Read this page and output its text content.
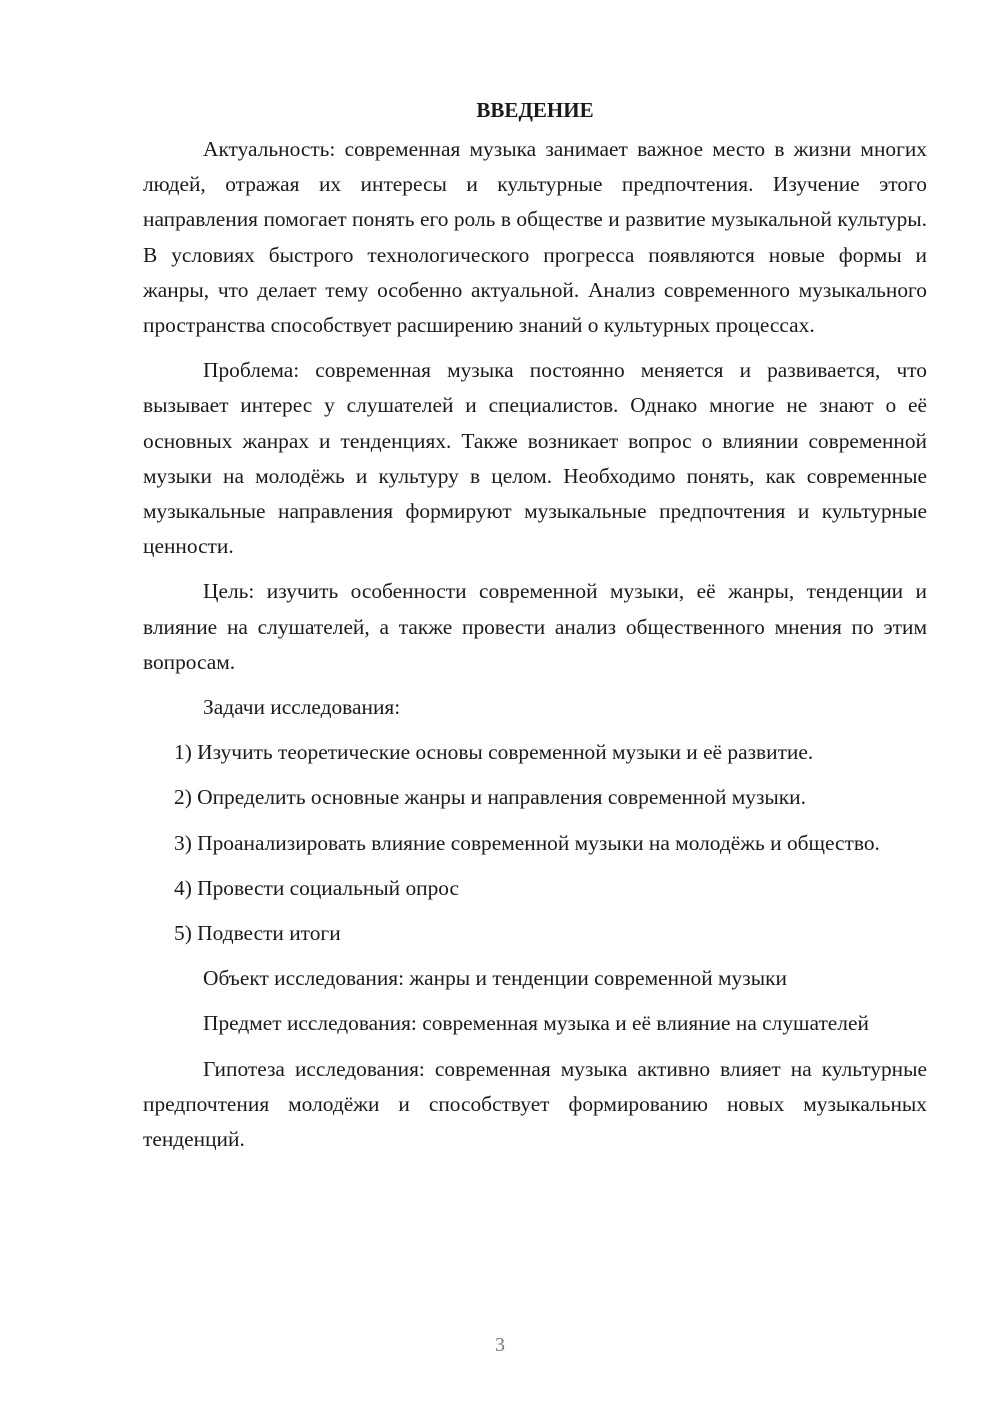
ВВЕДЕНИЕ

Актуальность: современная музыка занимает важное место в жизни многих людей, отражая их интересы и культурные предпочтения. Изучение этого направления помогает понять его роль в обществе и развитие музыкальной культуры. В условиях быстрого технологического прогресса появляются новые формы и жанры, что делает тему особенно актуальной. Анализ современного музыкального пространства способствует расширению знаний о культурных процессах.

Проблема: современная музыка постоянно меняется и развивается, что вызывает интерес у слушателей и специалистов. Однако многие не знают о её основных жанрах и тенденциях. Также возникает вопрос о влиянии современной музыки на молодёжь и культуру в целом. Необходимо понять, как современные музыкальные направления формируют музыкальные предпочтения и культурные ценности.

Цель: изучить особенности современной музыки, её жанры, тенденции и влияние на слушателей, а также провести анализ общественного мнения по этим вопросам.

Задачи исследования:

1) Изучить теоретические основы современной музыки и её развитие.

2) Определить основные жанры и направления современной музыки.

3) Проанализировать влияние современной музыки на молодёжь и общество.

4) Провести социальный опрос

5) Подвести итоги

Объект исследования: жанры и тенденции современной музыки

Предмет исследования: современная музыка и её влияние на слушателей

Гипотеза исследования: современная музыка активно влияет на культурные предпочтения молодёжи и способствует формированию новых музыкальных тенденций.

3
